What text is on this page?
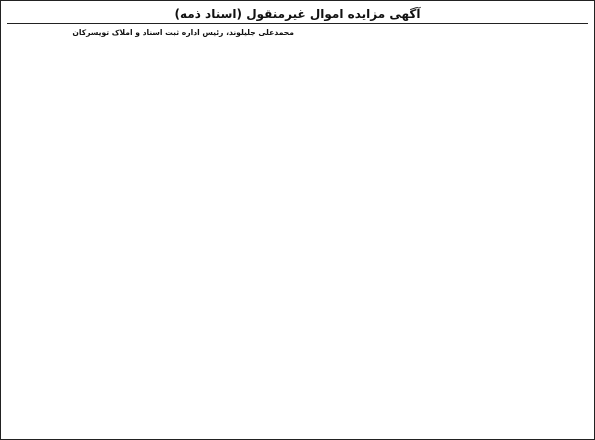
آگهی مزایده اموال غیرمنقول (اسناد ذمه)

محمدعلی جلیلوند، رئیس اداره ثبت اسناد و املاک تویسرکان
